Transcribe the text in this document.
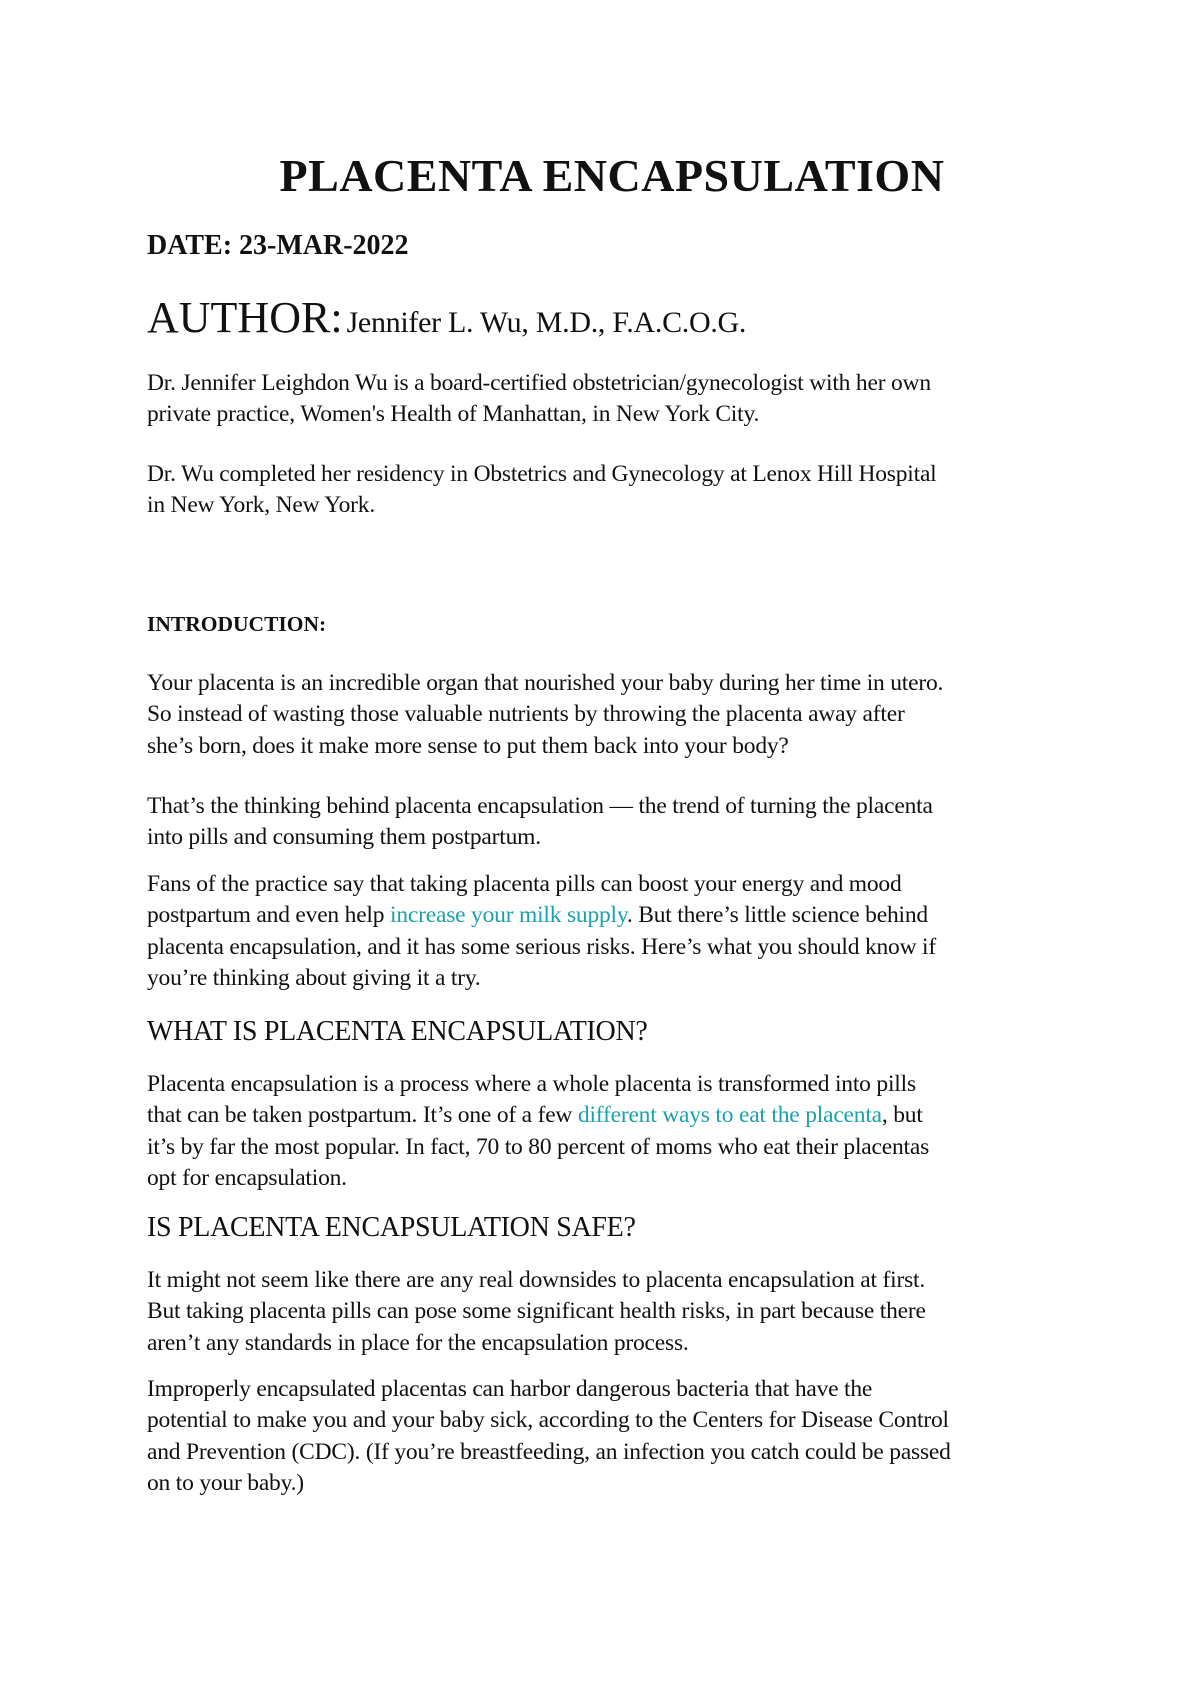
PLACENTA ENCAPSULATION
DATE: 23-MAR-2022
AUTHOR: Jennifer L. Wu, M.D., F.A.C.O.G.

Dr. Jennifer Leighdon Wu is a board-certified obstetrician/gynecologist with her own

private practice, Women's Health of Manhattan, in New York City.

Dr. Wu completed her residency in Obstetrics and Gynecology at Lenox Hill Hospital

in New York, New York.

INTRODUCTION:

Your placenta is an incredible organ that nourished your baby during her time in utero.

So instead of wasting those valuable nutrients by throwing the placenta away after

she’s born, does it make more sense to put them back into your body?

That’s the thinking behind placenta encapsulation — the trend of turning the placenta

into pills and consuming them postpartum.

Fans of the practice say that taking placenta pills can boost your energy and mood

postpartum and even help increase your milk supply. But there’s little science behind

placenta encapsulation, and it has some serious risks. Here’s what you should know if

you’re thinking about giving it a try.

WHAT IS PLACENTA ENCAPSULATION?

Placenta encapsulation is a process where a whole placenta is transformed into pills

that can be taken postpartum. It’s one of a few different ways to eat the placenta, but

it’s by far the most popular. In fact, 70 to 80 percent of moms who eat their placentas

opt for encapsulation.

IS PLACENTA ENCAPSULATION SAFE?

It might not seem like there are any real downsides to placenta encapsulation at first.

But taking placenta pills can pose some significant health risks, in part because there

aren’t any standards in place for the encapsulation process.

Improperly encapsulated placentas can harbor dangerous bacteria that have the

potential to make you and your baby sick, according to the Centers for Disease Control

and Prevention (CDC). (If you’re breastfeeding, an infection you catch could be passed

on to your baby.)
